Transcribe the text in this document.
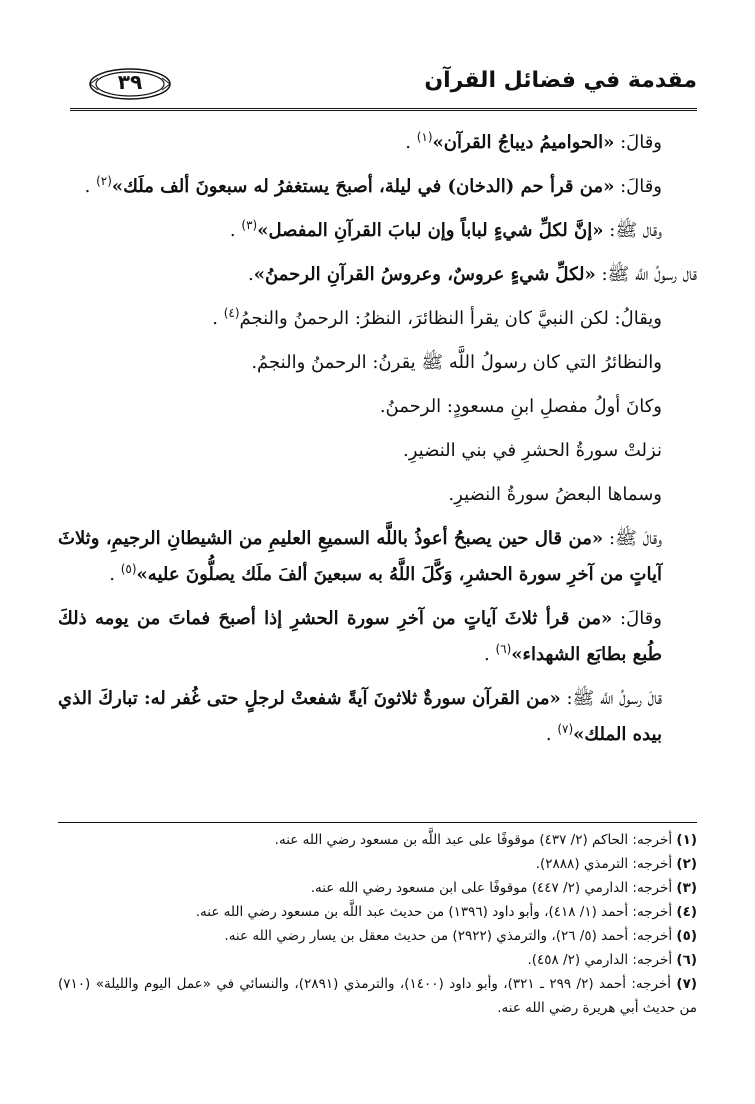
مقدمة في فضائل القرآن
٣٩

وقالَ: «الحواميمُ ديباجُ القرآن»$^{(١)}$ .

وقالَ: «من قرأ حم (الدخان) في ليلة، أصبحَ يستغفرُ له سبعونَ ألف ملَك»$^{(٢)}$ .

وقال ﷺ: «إنَّ لكلِّ شيءٍ لباباً وإن لبابَ القرآنِ المفصل»$^{(٣)}$ .

قال رسولُ اللَّه ﷺ: «لكلِّ شيءٍ عروسٌ، وعروسُ القرآنِ الرحمنُ».

ويقالُ: لكن النبيَّ كان يقرأ النظائرَ، النظرُ: الرحمنُ والنجمُ$^{(٤)}$ .

والنظائرُ التي كان رسولُ اللَّه ﷺ يقرنُ: الرحمنُ والنجمُ.

وكانَ أولُ مفصلِ ابنِ مسعودٍ: الرحمنُ.

نزلتْ سورةُ الحشرِ في بني النضيرِ.

وسماها البعضُ سورةُ النضيرِ.

وقالَ ﷺ: «من قال حين يصبحُ أعوذُ باللَّه السميعِ العليمِ من الشيطانِ الرجيمِ، وثلاثَ آياتٍ من آخرِ سورة الحشرِ، وَكَّلَ اللَّهُ به سبعينَ ألفَ ملَك يصلُّونَ عليه»$^{(٥)}$ .

وقالَ: «من قرأ ثلاثَ آياتٍ من آخرِ سورة الحشرِ إذا أصبحَ فماتَ من يومه ذلكَ طُبع بطابَع الشهداء»$^{(٦)}$ .

قالَ رسولُ اللَّه ﷺ: «من القرآن سورةٌ ثلاثونَ آيةً شفعتْ لرجلٍ حتى غُفر له: تباركَ الذي بيده الملك»$^{(٧)}$ .

(١) أخرجه: الحاكم (٢/ ٤٣٧) موقوفًا على عبد اللَّه بن مسعود رضي الله عنه.

(٢) أخرجه: الترمذي (٢٨٨٨).

(٣) أخرجه: الدارمي (٢/ ٤٤٧) موقوفًا على ابن مسعود رضي الله عنه.

(٤) أخرجه: أحمد (١/ ٤١٨)، وأبو داود (١٣٩٦) من حديث عبد اللَّه بن مسعود رضي الله عنه.

(٥) أخرجه: أحمد (٥/ ٢٦)، والترمذي (٢٩٢٢) من حديث معقل بن يسار رضي الله عنه.

(٦) أخرجه: الدارمي (٢/ ٤٥٨).

(٧) أخرجه: أحمد (٢/ ٢٩٩ ـ ٣٢١)، وأبو داود (١٤٠٠)، والترمذي (٢٨٩١)، والنسائي في «عمل اليوم والليلة» (٧١٠) من حديث أبي هريرة رضي الله عنه.
